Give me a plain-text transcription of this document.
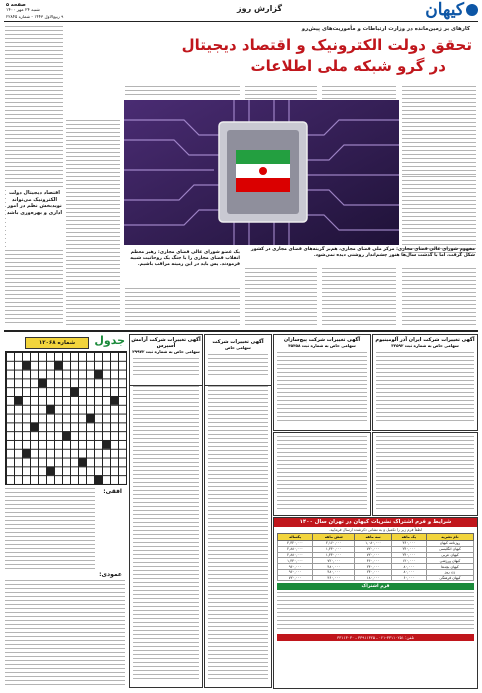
کیهان
گزارش روز
صفحه ۵
شنبه ۲۴ مهر ۱۴۰۰
۹ ربیع‌الاول ۱۴۴۳ - شماره ۲۲۸۴۵
اقتصاد دیجیتال دولت الکترونیک می‌تواند نویدبخش نظم در امور اداری و بهره‌وری باشد
کارهای بر زمین‌مانده در وزارت ارتباطات و مأموریت‌های پیش‌رو
تحقق دولت الکترونیک و اقتصاد دیجیتال
در گرو شبکه ملی اطلاعات
مفهوم شورای عالی فضای مجازی: مرکز ملی فضای مجازی، هم‌بر گزینه‌های فضای مجازی در کشور شکل گرفت، اما با گذشت سال‌ها هنوز چشم‌انداز روشنی دیده نمی‌شود.
یک عضو شورای عالی فضای مجازی: رهبر معظم انقلاب فضای مجازی را با جنگ یک روحانیت شبیه فرمودند. پس باید در این زمینه مراقب باشیم.
شماره ۱۲۰۶۸	جدول
افقی:
عمودی:
آگهی تغییرات شرکت ایران آذر آلومینیوم
سهامی خاص به شماره ثبت ۳۲۵۹۲
آگهی تغییرات شرکت پیچ‌سازان
سهامی خاص به شماره ثبت ۴۵۴۵۸
آگهی تغییرات شرکت
سهامی خاص
آگهی تغییرات شرکت آرامش آسپرس
سهامی خاص به شماره ثبت ۲۹۹۷۲
شرایط و فرم اشتراک نشریات کیهان در تهران سال ۱۴۰۰
لطفاً فرم زیر را تکمیل و به نشانی ذکرشده ارسال فرمایید.
نام نشریه	یک ماهه	سه ماهه	شش ماهه	یکساله
روزنامه کیهان	۳۶۰,۰۰۰	۱,۰۸۰,۰۰۰	۲,۱۶۰,۰۰۰	۴,۳۲۰,۰۰۰
کیهان انگلیسی	۲۴۰,۰۰۰	۷۲۰,۰۰۰	۱,۴۴۰,۰۰۰	۲,۸۸۰,۰۰۰
کیهان عربی	۲۴۰,۰۰۰	۷۲۰,۰۰۰	۱,۴۴۰,۰۰۰	۲,۸۸۰,۰۰۰
کیهان ورزشی	۱۲۰,۰۰۰	۳۶۰,۰۰۰	۷۲۰,۰۰۰	۱,۴۴۰,۰۰۰
کیهان بچه‌ها	۸۰,۰۰۰	۲۴۰,۰۰۰	۴۸۰,۰۰۰	۹۶۰,۰۰۰
زن روز	۸۰,۰۰۰	۲۴۰,۰۰۰	۴۸۰,۰۰۰	۹۶۰,۰۰۰
کیهان فرهنگی	۶۰,۰۰۰	۱۸۰,۰۰۰	۳۶۰,۰۰۰	۷۲۰,۰۰۰
فرم اشتراک
تلفن: ۳۳۱۱۰۲۵۱-۰۲۱ ـ ۳۳۹۱۱۳۲۵ ـ ۳۳۱۱۳۰۳۰
